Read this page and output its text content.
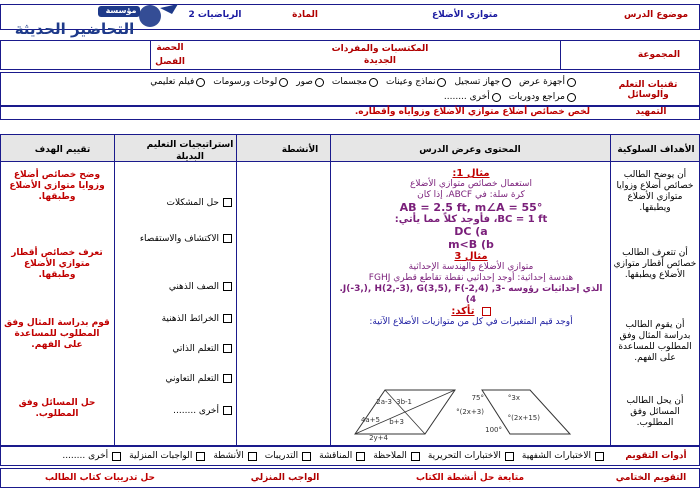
موضوع الدرس
متوازي الأضلاع
المادة
الرياضيات 2
مؤسسة
التحاضير الحديثة
المجموعة
المكتسبات والمفردات الجديدة
الحصة
الفصل
تقنيات التعلم والوسائل
أجهزة عرض
جهاز تسجيل
نماذج وعينات
مجسمات
صور
لوحات ورسومات
فيلم تعليمي
مراجع ودوريات
أخرى ........
التمهيد
لخص خصائص أضلاع متوازي الأضلاع وزواياه وأقطاره.
الأهداف السلوكية
المحتوى وعرض الدرس
الأنشطة
استراتيجيات التعليم البديلة
تقييم الهدف
أن يوضح الطالب خصائص أضلاع وزوايا متوازي الأضلاع ويطبقها.
أن تتعرف الطالب خصائص أقطار متوازي الأضلاع ويطبقها.
أن يقوم الطالب بدراسة المثال وفق المطلوب للمساعدة على الفهم.
أن يحل الطالب المسائل وفق المطلوب.
مثال 1:
استعمال خصائص متوازي الأضلاع
كرة سلة: في ABCF، إذا كان
AB = 2.5 ft, m∠A = 55°
BC = 1 ft، فأوجد كلاً مما يأتي:
DC (a
m<B (b
مثال 3
متوازي الأضلاع والهندسة الإحداثية
هندسة إحداثية: أوجد إحداثيي نقطة تقاطع قطري FGHJ
الذي إحداثيات رؤوسه -3, J(-3,), H(2,-3), G(3,5), F(-2,4).
4)
تأكد:
أوجد قيم المتغيرات في كل من متوازيات الأضلاع الآتية:
2a-3 3b-1
4a+5 b+3
2y+4
75°	3x°
(2x+15)°
100°
(2x+3)°
حل المشكلات
الاكتشاف والاستقصاء
الصف الذهني
الخرائط الذهنية
التعلم الذاتي
التعلم التعاوني
أخرى ........
وضح خصائص أضلاع وزوايا متوازي الأضلاع وطبقها.
تعرف خصائص أقطار متوازي الأضلاع وطبقها.
قوم بدراسة المثال وفق المطلوب للمساعدة على الفهم.
حل المسائل وفق المطلوب.
أدوات التقويم
الاختبارات الشفهية
الاختبارات التحريرية
الملاحظة
المناقشة
التدريبات
الأنشطة
الواجبات المنزلية
أخرى ........
التقويم الختامي
متابعة حل أنشطة الكتاب
الواجب المنزلي
حل تدريبات كتاب الطالب
